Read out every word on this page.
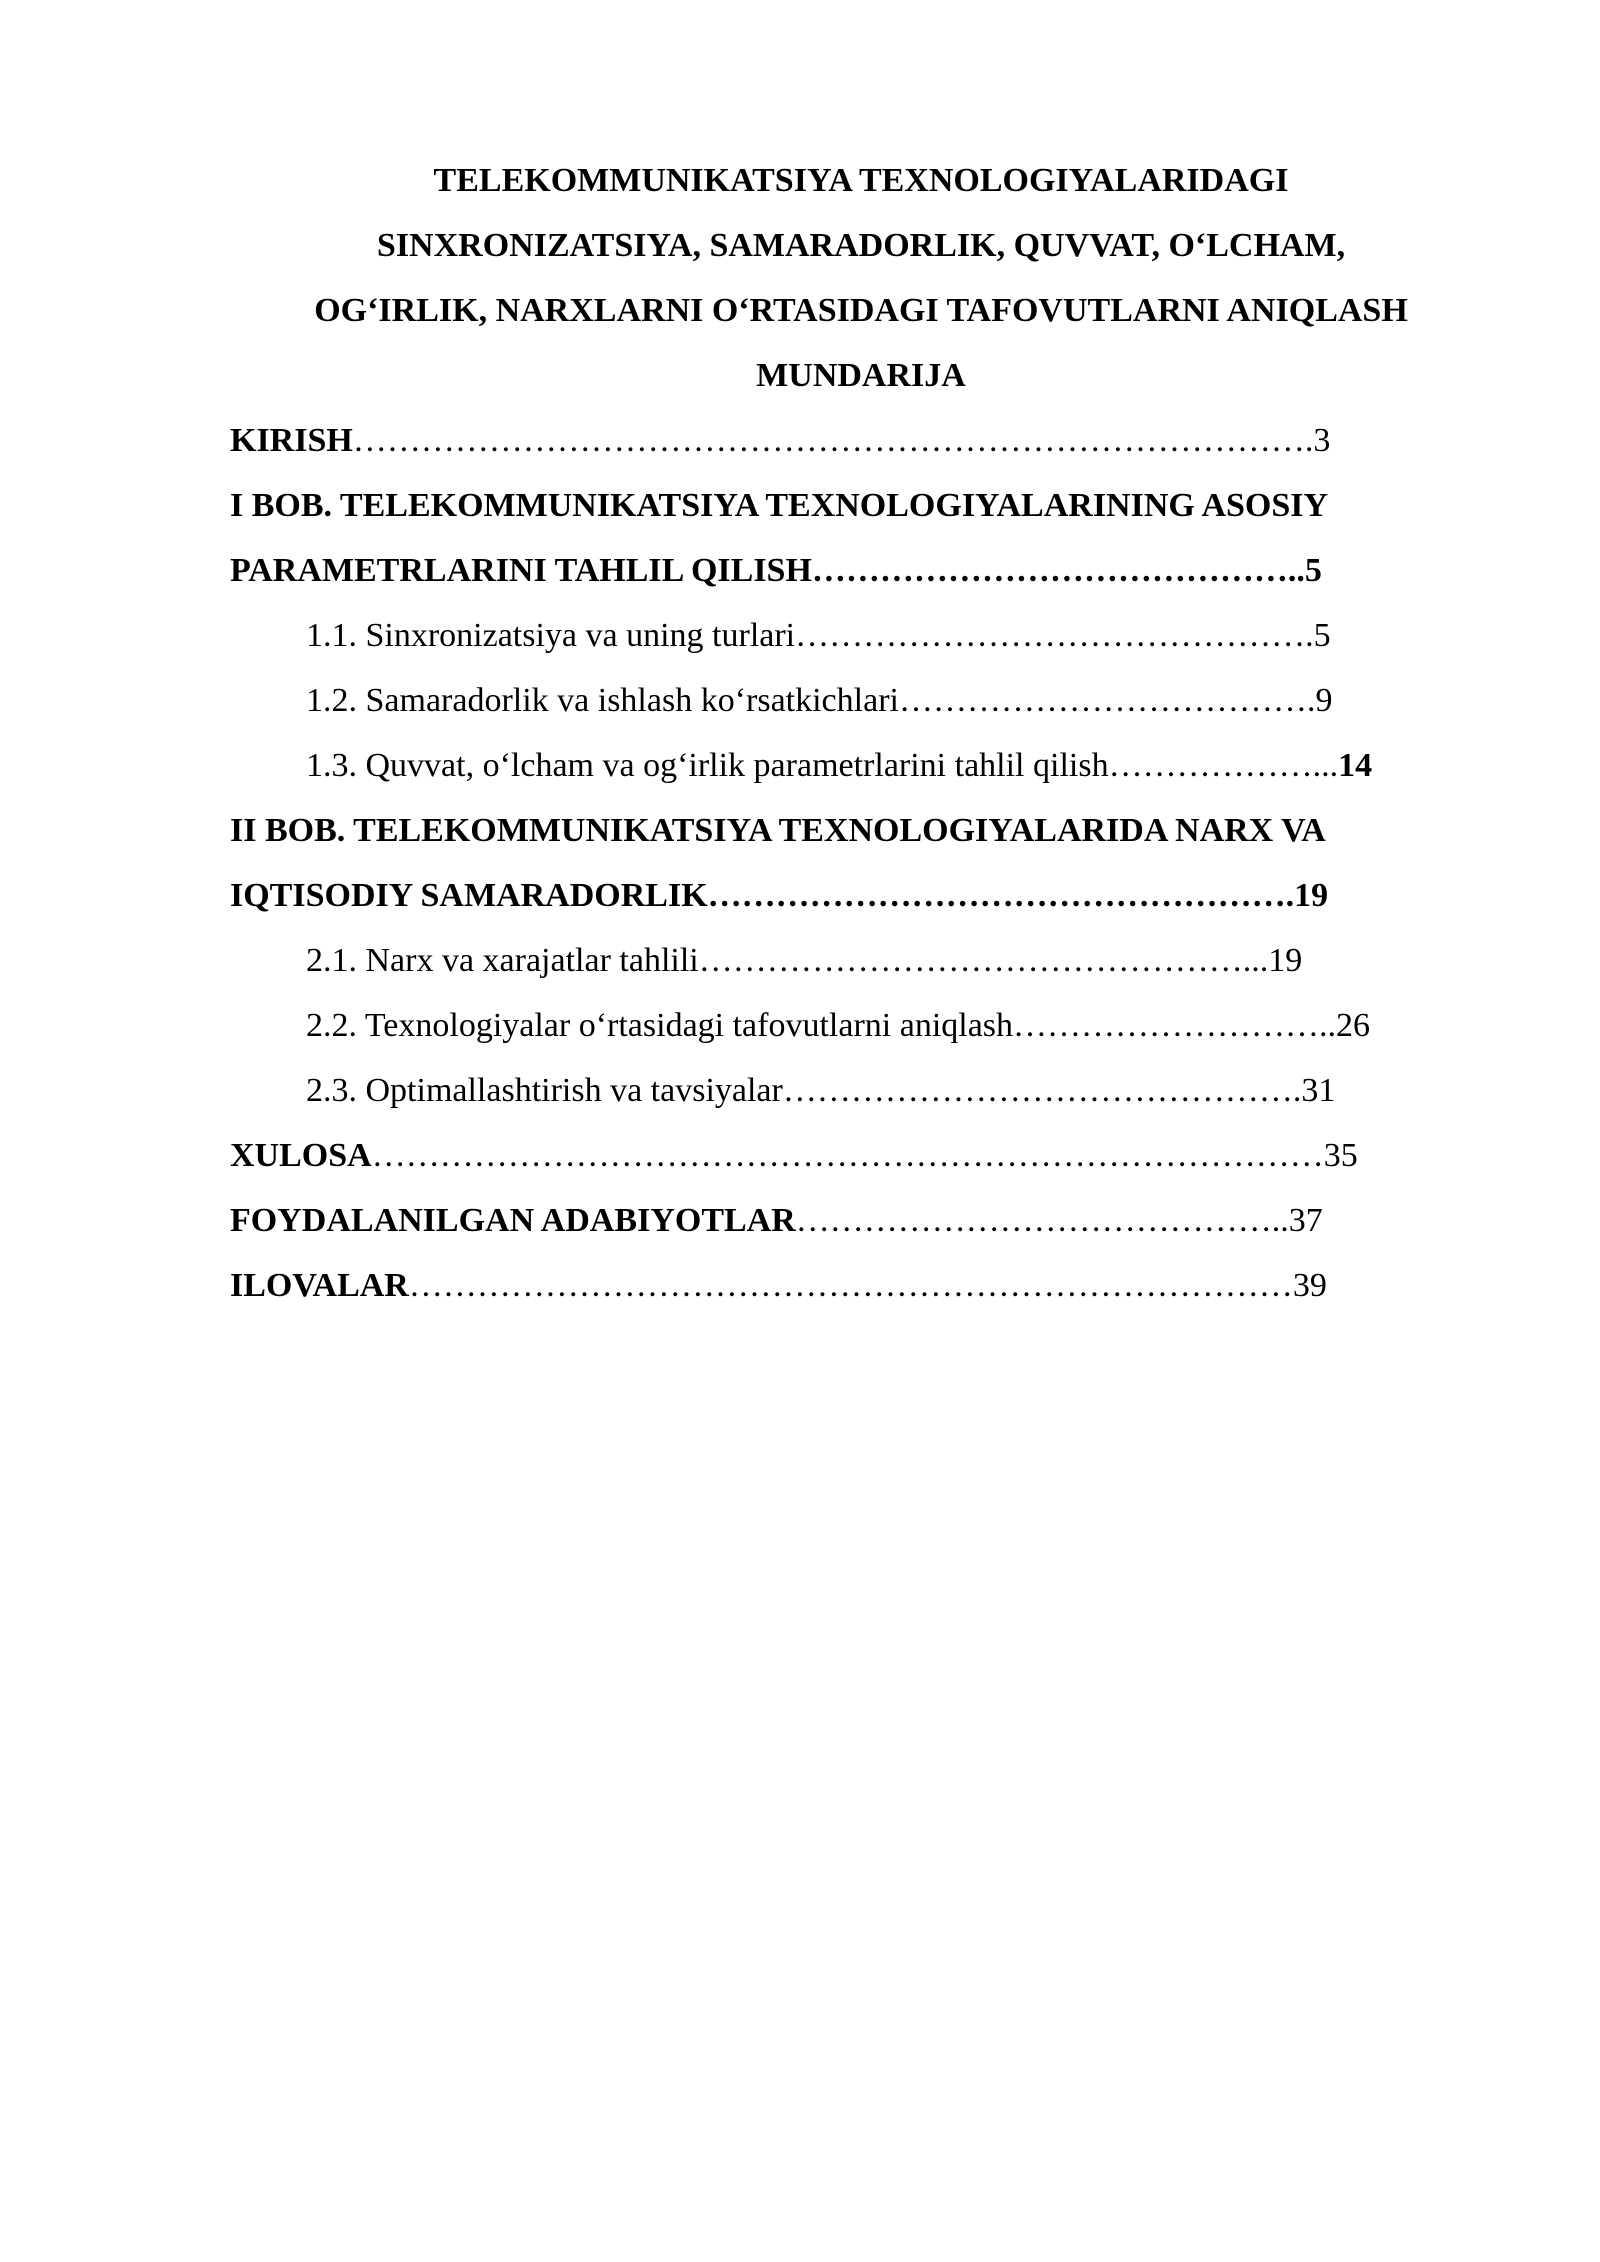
TELEKOMMUNIKATSIYA TEXNOLOGIYALARIDAGI
SINXRONIZATSIYA, SAMARADORLIK, QUVVAT, O‘LCHAM,
OG‘IRLIK, NARXLARNI O‘RTASIDAGI TAFOVUTLARNI ANIQLASH
MUNDARIJA
KIRISH………………………………………………………………………….3
I BOB. TELEKOMMUNIKATSIYA TEXNOLOGIYALARINING ASOSIY
PARAMETRLARINI TAHLIL QILISH……………………………………..5
1.1. Sinxronizatsiya va uning turlari……………………………………….5
1.2. Samaradorlik va ishlash ko‘rsatkichlari……………………………….9
1.3. Quvvat, o‘lcham va og‘irlik parametrlarini tahlil qilish………………...14
II BOB. TELEKOMMUNIKATSIYA TEXNOLOGIYALARIDA NARX VA
IQTISODIY SAMARADORLIK…………………………………………….19
2.1. Narx va xarajatlar tahlili…………………………………………...19
2.2. Texnologiyalar o‘rtasidagi tafovutlarni aniqlash………………………..26
2.3. Optimallashtirish va tavsiyalar……………………………………….31
XULOSA…………………………………………………………………………35
FOYDALANILGAN ADABIYOTLAR……………………………………..37
ILOVALAR……………………………………………………………………39
